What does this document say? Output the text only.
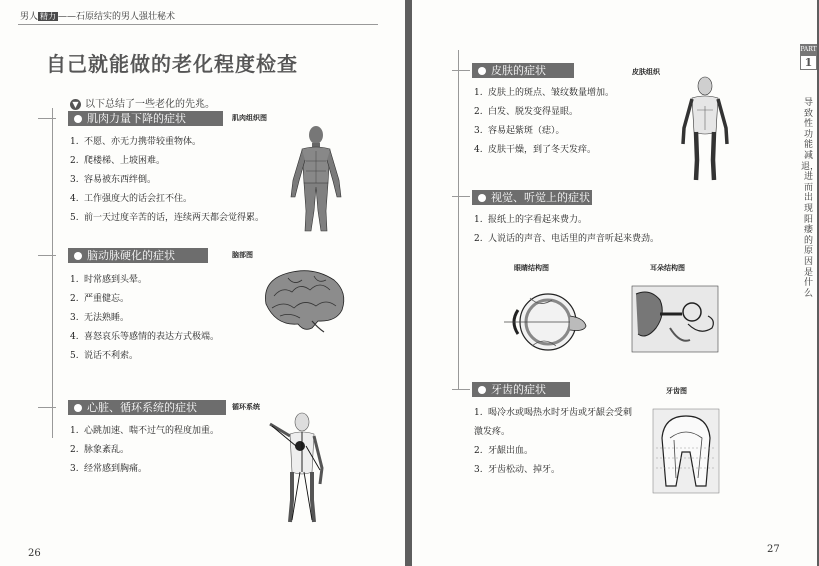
男人 精力 ——石原结实的男人强壮秘术
自己就能做的老化程度检查
▼ 以下总结了一些老化的先兆。
肌肉力量下降的症状	肌肉组织图
1. 不愿、亦无力携带较重物体。
2. 爬楼梯、上坡困难。
3. 容易被东西绊倒。
4. 工作强度大的话会扛不住。
5. 前一天过度辛苦的话，连续两天都会觉得累。
脑动脉硬化的症状	脑部图
1. 时常感到头晕。
2. 严重健忘。
3. 无法熟睡。
4. 喜怒哀乐等感情的表达方式极端。
5. 说话不利索。
心脏、循环系统的症状	循环系统
1. 心跳加速、喘不过气的程度加重。
2. 脉象紊乱。
3. 经常感到胸痛。
26
PART
1
导致性功能减退，进而出现阳痿的原因是什么
皮肤的症状	皮肤组织
1. 皮肤上的斑点、皱纹数量增加。
2. 白发、脱发变得显眼。
3. 容易起紫斑（痣）。
4. 皮肤干燥，到了冬天发痒。
视觉、听觉上的症状
1. 报纸上的字看起来费力。
2. 人说话的声音、电话里的声音听起来费劲。
眼睛结构图	耳朵结构图
牙齿的症状	牙齿图
1. 喝冷水或喝热水时牙齿或牙龈会受刺激发疼。
2. 牙龈出血。
3. 牙齿松动、掉牙。
27
